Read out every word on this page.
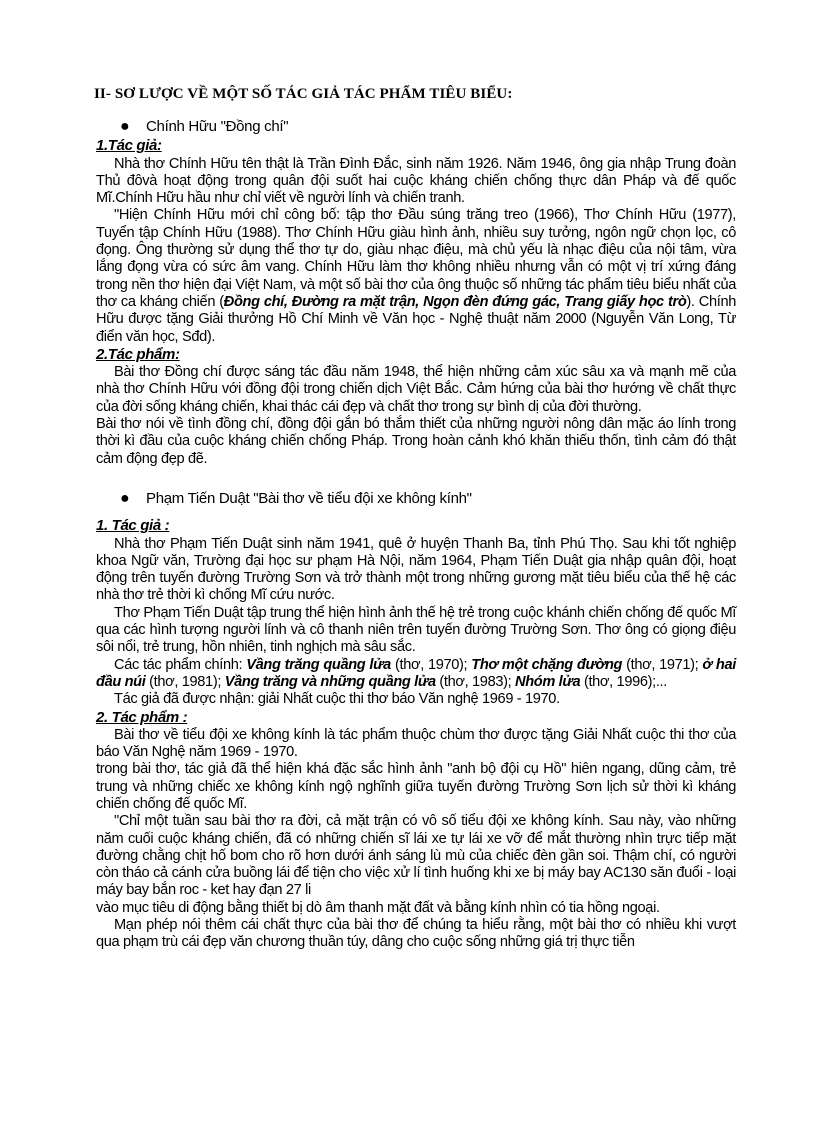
II- SƠ LƯỢC VỀ MỘT SỐ TÁC GIẢ TÁC PHẨM TIÊU BIỂU:
● Chính Hữu "Đồng chí"

1.Tác giả:

Nhà thơ Chính Hữu tên thật là Trần Đình Đắc, sinh năm 1926. Năm 1946, ông gia nhập Trung đoàn Thủ đôvà hoạt động trong quân đội suốt hai cuộc kháng chiến chống thực dân Pháp và đế quốc Mĩ.Chính Hữu hầu như chỉ viết về người lính và chiến tranh.

"Hiện Chính Hữu mới chỉ công bố: tập thơ Đầu súng trăng treo (1966), Thơ Chính Hữu (1977), Tuyển tập Chính Hữu (1988). Thơ Chính Hữu giàu hình ảnh, nhiều suy tưởng, ngôn ngữ chọn lọc, cô đọng. Ông thường sử dụng thể thơ tự do, giàu nhạc điệu, mà chủ yếu là nhạc điệu của nội tâm, vừa lắng đọng vừa có sức âm vang. Chính Hữu làm thơ không nhiều nhưng vẫn có một vị trí xứng đáng trong nền thơ hiện đại Việt Nam, và một số bài thơ của ông thuộc số những tác phẩm tiêu biểu nhất của thơ ca kháng chiến (Đồng chí, Đường ra mặt trận, Ngọn đèn đứng gác, Trang giấy học trò). Chính Hữu được tặng Giải thưởng Hồ Chí Minh về Văn học - Nghệ thuật năm 2000 (Nguyễn Văn Long, Từ điển văn học, Sđd).

2.Tác phẩm:

Bài thơ Đồng chí được sáng tác đầu năm 1948, thể hiện những cảm xúc sâu xa và mạnh mẽ của nhà thơ Chính Hữu với đồng đội trong chiến dịch Việt Bắc. Cảm hứng của bài thơ hướng về chất thực của đời sống kháng chiến, khai thác cái đẹp và chất thơ trong sự bình dị của đời thường.

Bài thơ nói về tình đồng chí, đồng đội gắn bó thắm thiết của những người nông dân mặc áo lính trong thời kì đầu của cuộc kháng chiến chống Pháp. Trong hoàn cảnh khó khăn thiếu thốn, tình cảm đó thật cảm động đẹp đẽ.

● Phạm Tiến Duật "Bài thơ về tiểu đội xe không kính"

1. Tác giả :

Nhà thơ Phạm Tiến Duật sinh năm 1941, quê ở huyện Thanh Ba, tỉnh Phú Thọ. Sau khi tốt nghiệp khoa Ngữ văn, Trường đại học sư phạm Hà Nội, năm 1964, Phạm Tiến Duật gia nhập quân đội, hoạt động trên tuyến đường Trường Sơn và trở thành một trong những gương mặt tiêu biểu của thế hệ các nhà thơ trẻ thời kì chống Mĩ cứu nước.

Thơ Phạm Tiến Duật tập trung thể hiện hình ảnh thế hệ trẻ trong cuộc khánh chiến chống đế quốc Mĩ qua các hình tượng người lính và cô thanh niên trên tuyến đường Trường Sơn. Thơ ông có giọng điệu sôi nổi, trẻ trung, hồn nhiên, tinh nghịch mà sâu sắc.

Các tác phẩm chính: Vầng trăng quầng lửa (thơ, 1970); Thơ một chặng đường (thơ, 1971); ở hai đầu núi (thơ, 1981); Vầng trăng và những quầng lửa (thơ, 1983); Nhóm lửa (thơ, 1996);...

Tác giả đã được nhận: giải Nhất cuộc thi thơ báo Văn nghệ 1969 - 1970.

2. Tác phẩm :

Bài thơ về tiểu đội xe không kính là tác phẩm thuộc chùm thơ được tặng Giải Nhất cuộc thi thơ của báo Văn Nghệ năm 1969 - 1970.

trong bài thơ, tác giả đã thể hiện khá đặc sắc hình ảnh "anh bộ đội cụ Hồ" hiên ngang, dũng cảm, trẻ trung và những chiếc xe không kính ngộ nghĩnh giữa tuyến đường Trường Sơn lịch sử thời kì kháng chiến chống đế quốc Mĩ.

"Chỉ một tuần sau bài thơ ra đời, cả mặt trận có vô số tiểu đội xe không kính. Sau này, vào những năm cuối cuộc kháng chiến, đã có những chiến sĩ lái xe tự lái xe vỡ để mắt thường nhìn trực tiếp mặt đường chằng chịt hố bom cho rõ hơn dưới ánh sáng lù mù của chiếc đèn gần soi. Thậm chí, có người còn tháo cả cánh cửa buồng lái để tiện cho việc xử lí tình huống khi xe bị máy bay AC130 săn đuổi - loại máy bay bắn roc - ket hay đạn 27 li

vào mục tiêu di động bằng thiết bị dò âm thanh mặt đất và bằng kính nhìn có tia hồng ngoại.

Mạn phép nói thêm cái chất thực của bài thơ để chúng ta hiểu rằng, một bài thơ có nhiều khi vượt qua phạm trù cái đẹp văn chương thuần túy, dâng cho cuộc sống những giá trị thực tiễn
